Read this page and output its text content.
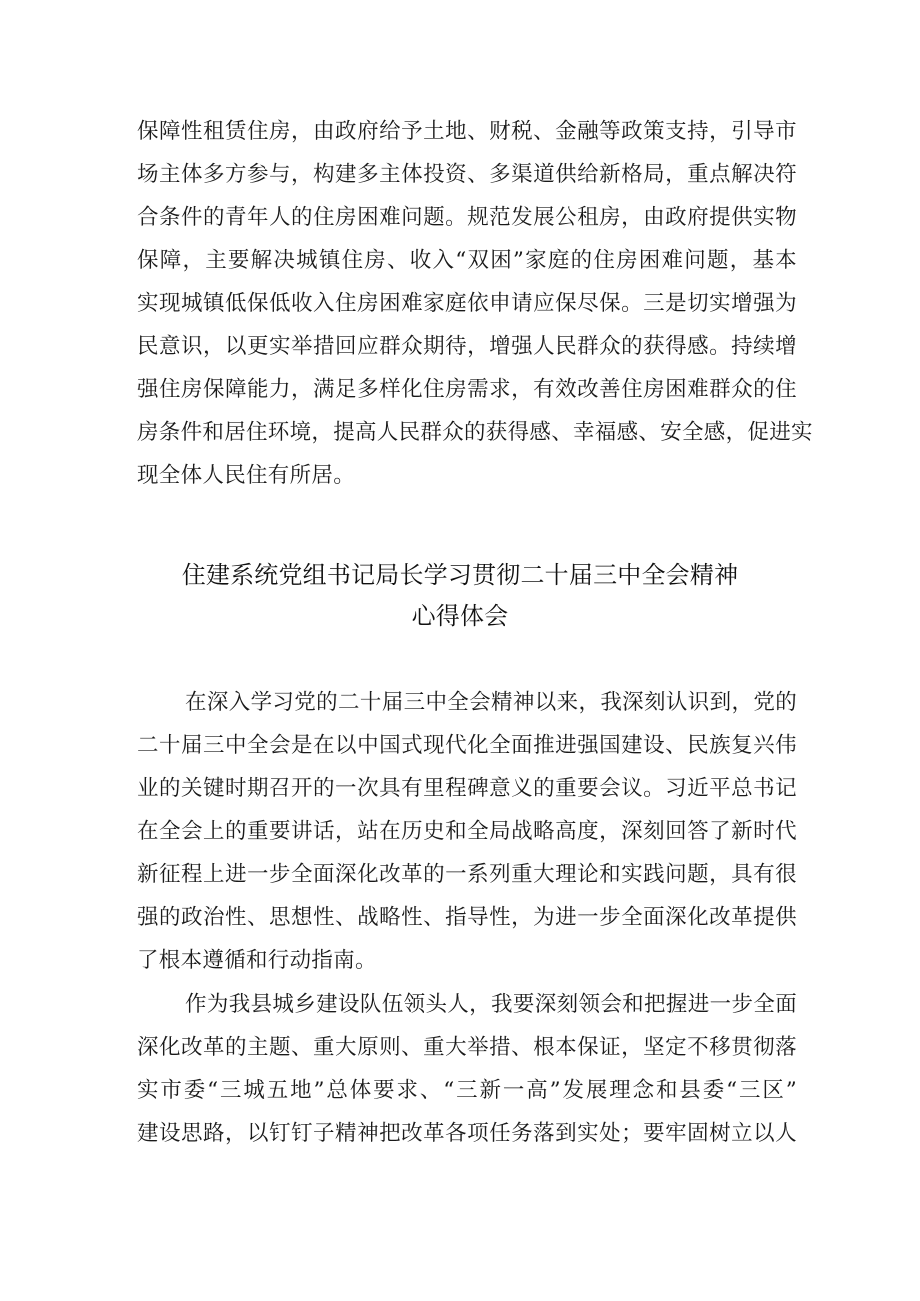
保障性租赁住房，由政府给予土地、财税、金融等政策支持，引导市
场主体多方参与，构建多主体投资、多渠道供给新格局，重点解决符
合条件的青年人的住房困难问题。规范发展公租房，由政府提供实物
保障，主要解决城镇住房、收入“双困”家庭的住房困难问题，基本
实现城镇低保低收入住房困难家庭依申请应保尽保。三是切实增强为
民意识，以更实举措回应群众期待，增强人民群众的获得感。持续增
强住房保障能力，满足多样化住房需求，有效改善住房困难群众的住
房条件和居住环境，提高人民群众的获得感、幸福感、安全感，促进实
现全体人民住有所居。
住建系统党组书记局长学习贯彻二十届三中全会精神
心得体会
在深入学习党的二十届三中全会精神以来，我深刻认识到，党的
二十届三中全会是在以中国式现代化全面推进强国建设、民族复兴伟
业的关键时期召开的一次具有里程碑意义的重要会议。习近平总书记
在全会上的重要讲话，站在历史和全局战略高度，深刻回答了新时代
新征程上进一步全面深化改革的一系列重大理论和实践问题，具有很
强的政治性、思想性、战略性、指导性，为进一步全面深化改革提供
了根本遵循和行动指南。
作为我县城乡建设队伍领头人，我要深刻领会和把握进一步全面
深化改革的主题、重大原则、重大举措、根本保证，坚定不移贯彻落
实市委“三城五地”总体要求、“三新一高”发展理念和县委“三区”
建设思路，以钉钉子精神把改革各项任务落到实处；要牢固树立以人
